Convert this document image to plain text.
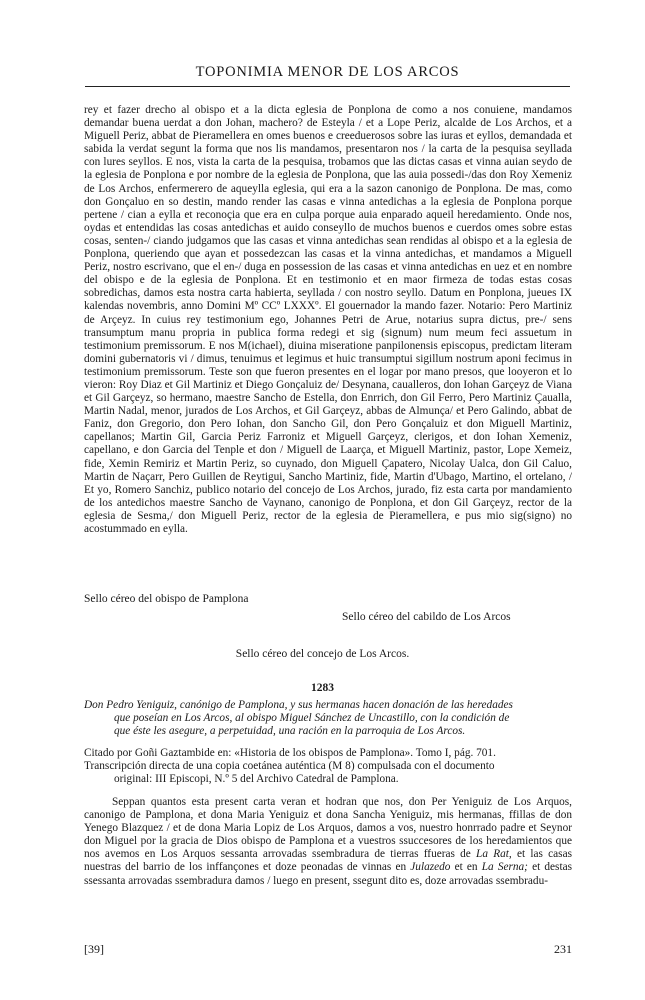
TOPONIMIA MENOR DE LOS ARCOS

rey et fazer drecho al obispo et a la dicta eglesia de Ponplona de como a nos conuiene, mandamos demandar buena uerdat a don Johan, machero? de Esteyla / et a Lope Periz, alcalde de Los Archos, et a Miguell Periz, abbat de Pieramellera en omes buenos e creeduerosos sobre las iuras et eyllos, demandada et sabida la verdat segunt la forma que nos lis mandamos, presentaron nos / la carta de la pesquisa seyllada con lures seyllos. E nos, vista la carta de la pesquisa, trobamos que las dictas casas et vinna auian seydo de la eglesia de Ponplona e por nombre de la eglesia de Ponplona, que las auia possedi-/das don Roy Xemeniz de Los Archos, enfermerero de aqueylla eglesia, qui era a la sazon canonigo de Ponplona. De mas, como don Gonçaluo en so destin, mando render las casas e vinna antedichas a la eglesia de Ponplona porque pertene / cian a eylla et reconoçia que era en culpa porque auia enparado aqueil heredamiento. Onde nos, oydas et entendidas las cosas antedichas et auido conseyllo de muchos buenos e cuerdos omes sobre estas cosas, senten-/ ciando judgamos que las casas et vinna antedichas sean rendidas al obispo et a la eglesia de Ponplona, queriendo que ayan et possedezcan las casas et la vinna antedichas, et mandamos a Miguell Periz, nostro escrivano, que el en-/ duga en possession de las casas et vinna antedichas en uez et en nombre del obispo e de la eglesia de Ponplona. Et en testimonio et en maor firmeza de todas estas cosas sobredichas, damos esta nostra carta habierta, seyllada / con nostro seyllo. Datum en Ponplona, jueues IX kalendas novembris, anno Domini Mº CCº LXXXº. El gouernador la mando fazer. Notario: Pero Martiniz de Arçeyz. In cuius rey testimonium ego, Johannes Petri de Arue, notarius supra dictus, pre-/ sens transumptum manu propria in publica forma redegi et sig (signum) num meum feci assuetum in testimonium premissorum. E nos M(ichael), diuina miseratione panpilonensis episcopus, predictam literam domini gubernatoris vi / dimus, tenuimus et legimus et huic transumptui sigillum nostrum aponi fecimus in testimonium premissorum. Teste son que fueron presentes en el logar por mano presos, que looyeron et lo vieron: Roy Diaz et Gil Martiniz et Diego Gonçaluiz de/ Desynana, caualleros, don Iohan Garçeyz de Viana et Gil Garçeyz, so hermano, maestre Sancho de Estella, don Enrrich, don Gil Ferro, Pero Martiniz Çaualla, Martin Nadal, menor, jurados de Los Archos, et Gil Garçeyz, abbas de Almunça/ et Pero Galindo, abbat de Faniz, don Gregorio, don Pero Iohan, don Sancho Gil, don Pero Gonçaluiz et don Miguell Martiniz, capellanos; Martin Gil, Garcia Periz Farroniz et Miguell Garçeyz, clerigos, et don Iohan Xemeniz, capellano, e don Garcia del Tenple et don / Miguell de Laarça, et Miguell Martiniz, pastor, Lope Xemeiz, fide, Xemin Remiriz et Martin Periz, so cuynado, don Miguell Çapatero, Nicolay Ualca, don Gil Caluo, Martin de Naçarr, Pero Guillen de Reytigui, Sancho Martiniz, fide, Martin d'Ubago, Martino, el ortelano, / Et yo, Romero Sanchiz, publico notario del concejo de Los Archos, jurado, fiz esta carta por mandamiento de los antedichos maestre Sancho de Vaynano, canonigo de Ponplona, et don Gil Garçeyz, rector de la eglesia de Sesma,/ don Miguell Periz, rector de la eglesia de Pieramellera, e pus mio sig(signo) no acostummado en eylla.

Sello céreo del obispo de Pamplona
Sello céreo del cabildo de Los Arcos
Sello céreo del concejo de Los Arcos.
1283
Don Pedro Yeniguiz, canónigo de Pamplona, y sus hermanas hacen donación de las heredades
que poseían en Los Arcos, al obispo Miguel Sánchez de Uncastillo, con la condición de
que éste les asegure, a perpetuidad, una ración en la parroquia de Los Arcos.
Citado por Goñi Gaztambide en: «Historia de los obispos de Pamplona». Tomo I, pág. 701.
Transcripción directa de una copia coetánea auténtica (M 8) compulsada con el documento
original: III Episcopi, N.º 5 del Archivo Catedral de Pamplona.

Seppan quantos esta present carta veran et hodran que nos, don Per Yeniguiz de Los Arquos, canonigo de Pamplona, et dona Maria Yeniguiz et dona Sancha Yeniguiz, mis hermanas, ffillas de don Yenego Blazquez / et de dona Maria Lopiz de Los Arquos, damos a vos, nuestro honrrado padre et Seynor don Miguel por la gracia de Dios obispo de Pamplona et a vuestros ssuccesores de los heredamientos que nos avemos en Los Arquos sessanta arrovadas ssembradura de tierras ffueras de La Rat, et las casas nuestras del barrio de los inffançones et doze peonadas de vinnas en Julazedo et en La Serna; et destas ssessanta arrovadas ssembradura damos / luego en present, ssegunt dito es, doze arrovadas ssembradu-

[39]	231
